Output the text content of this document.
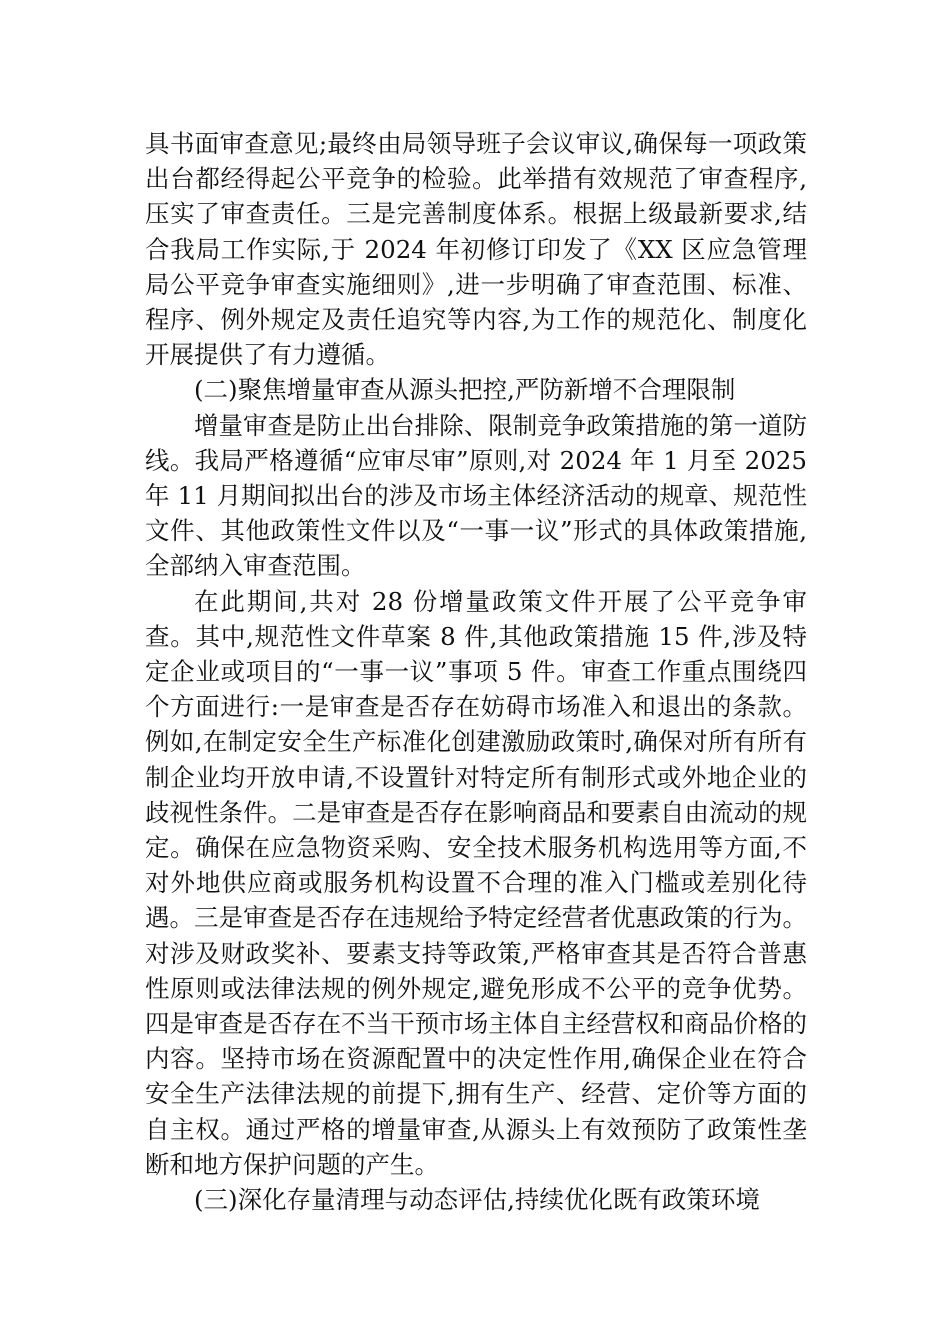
具书面审查意见;最终由局领导班子会议审议,确保每一项政策出台都经得起公平竞争的检验。此举措有效规范了审查程序,压实了审查责任。三是完善制度体系。根据上级最新要求,结合我局工作实际,于 2024 年初修订印发了《XX 区应急管理局公平竞争审查实施细则》,进一步明确了审查范围、标准、程序、例外规定及责任追究等内容,为工作的规范化、制度化开展提供了有力遵循。

(二)聚焦增量审查从源头把控,严防新增不合理限制

增量审查是防止出台排除、限制竞争政策措施的第一道防线。我局严格遵循“应审尽审”原则,对 2024 年 1 月至 2025 年 11 月期间拟出台的涉及市场主体经济活动的规章、规范性文件、其他政策性文件以及“一事一议”形式的具体政策措施,全部纳入审查范围。

在此期间,共对 28 份增量政策文件开展了公平竞争审查。其中,规范性文件草案 8 件,其他政策措施 15 件,涉及特定企业或项目的“一事一议”事项 5 件。审查工作重点围绕四个方面进行:一是审查是否存在妨碍市场准入和退出的条款。例如,在制定安全生产标准化创建激励政策时,确保对所有所有制企业均开放申请,不设置针对特定所有制形式或外地企业的歧视性条件。二是审查是否存在影响商品和要素自由流动的规定。确保在应急物资采购、安全技术服务机构选用等方面,不对外地供应商或服务机构设置不合理的准入门槛或差别化待遇。三是审查是否存在违规给予特定经营者优惠政策的行为。对涉及财政奖补、要素支持等政策,严格审查其是否符合普惠性原则或法律法规的例外规定,避免形成不公平的竞争优势。四是审查是否存在不当干预市场主体自主经营权和商品价格的内容。坚持市场在资源配置中的决定性作用,确保企业在符合安全生产法律法规的前提下,拥有生产、经营、定价等方面的自主权。通过严格的增量审查,从源头上有效预防了政策性垄断和地方保护问题的产生。

(三)深化存量清理与动态评估,持续优化既有政策环境
